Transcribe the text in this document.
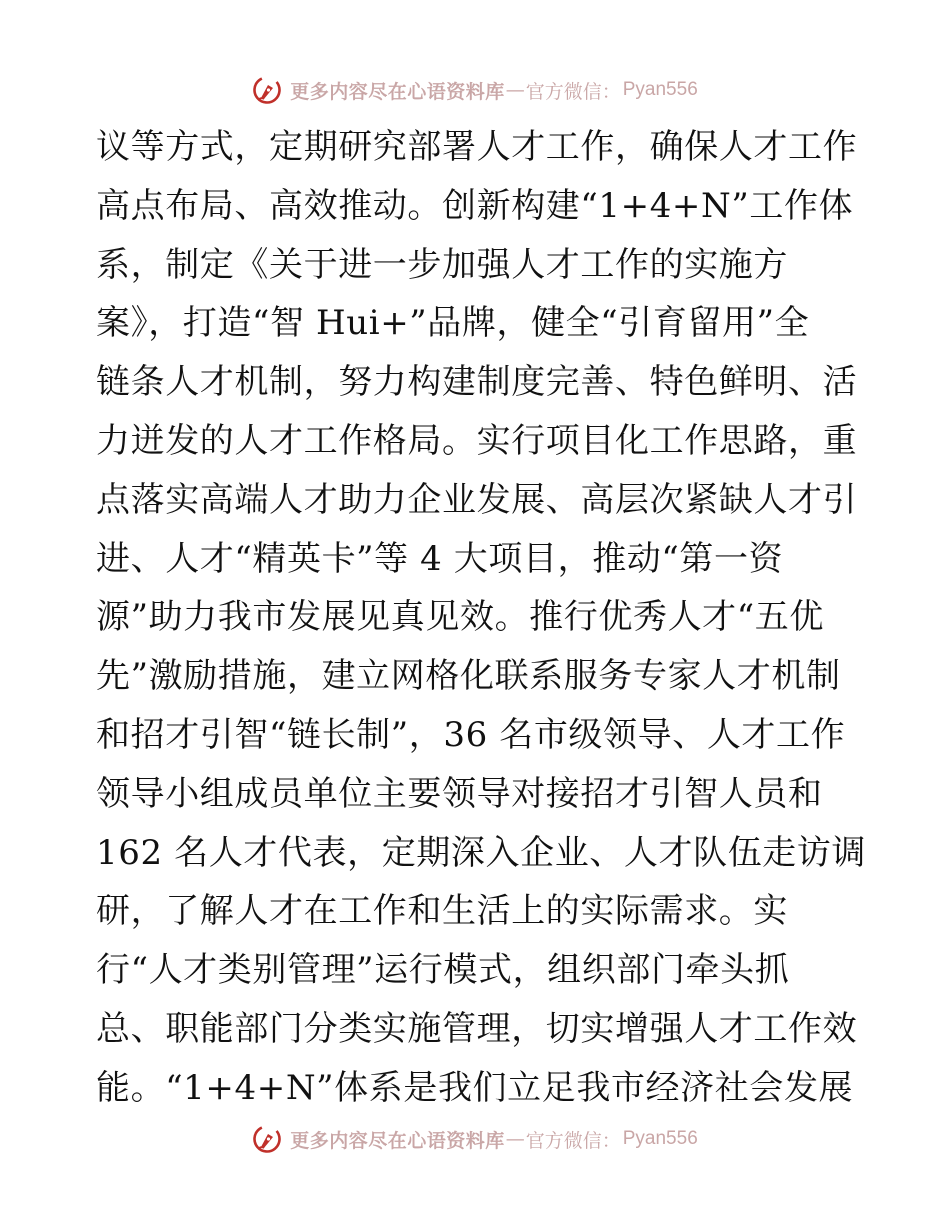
更多内容尽在心语资料库 — 官方微信： Pyan556
议等方式，定期研究部署人才工作，确保人才工作
高点布局、高效推动。创新构建“1+4+N”工作体
系，制定《关于进一步加强人才工作的实施方
案》，打造“智 Hui+”品牌，健全“引育留用”全
链条人才机制，努力构建制度完善、特色鲜明、活
力迸发的人才工作格局。实行项目化工作思路，重
点落实高端人才助力企业发展、高层次紧缺人才引
进、人才“精英卡”等 4 大项目，推动“第一资
源”助力我市发展见真见效。推行优秀人才“五优
先”激励措施，建立网格化联系服务专家人才机制
和招才引智“链长制”，36 名市级领导、人才工作
领导小组成员单位主要领导对接招才引智人员和
162 名人才代表，定期深入企业、人才队伍走访调
研，了解人才在工作和生活上的实际需求。实
行“人才类别管理”运行模式，组织部门牵头抓
总、职能部门分类实施管理，切实增强人才工作效
能。“1+4+N”体系是我们立足我市经济社会发展
更多内容尽在心语资料库 — 官方微信： Pyan556
